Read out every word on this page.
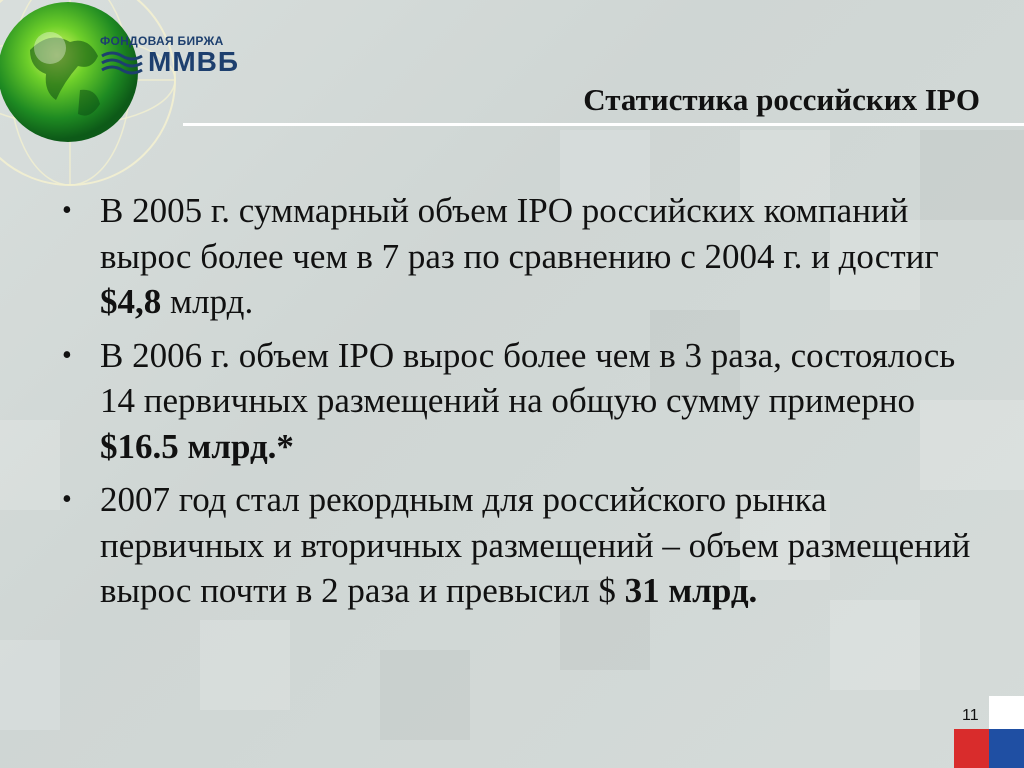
ФОНДОВАЯ БИРЖА
ММВБ
Статистика российских IPO
• В 2005 г. суммарный объем IPO российских компаний вырос более чем в 7 раз по сравнению с 2004 г. и достиг $4,8 млрд.
• В 2006 г. объем IPO вырос более чем в 3 раза, состоялось 14 первичных размещений на общую сумму примерно $16.5 млрд.*
• 2007 год стал рекордным для российского рынка первичных и вторичных размещений – объем размещений вырос почти в 2 раза и превысил $ 31 млрд.
11
